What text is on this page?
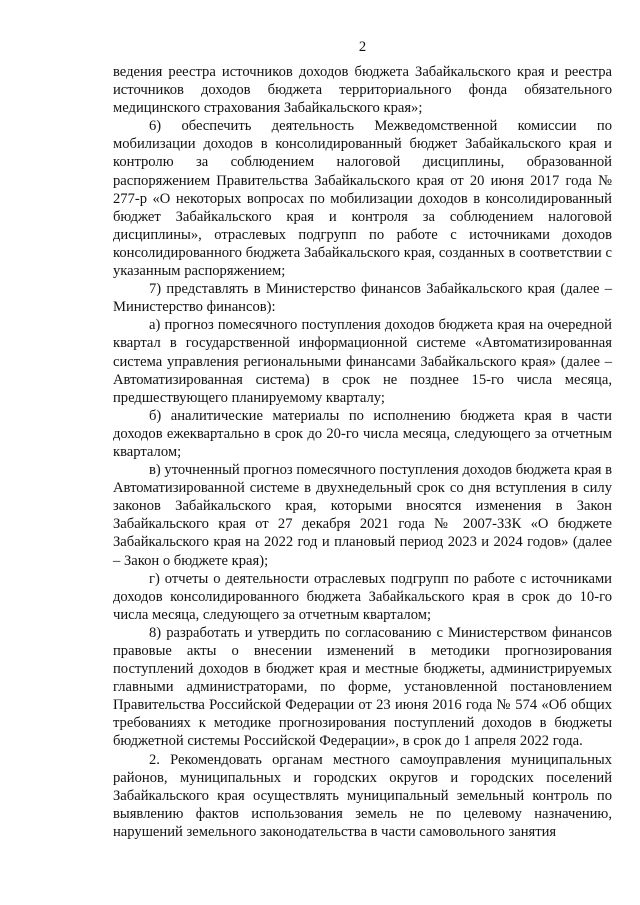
2

ведения реестра источников доходов бюджета Забайкальского края и реестра источников доходов бюджета территориального фонда обязательного медицинского страхования Забайкальского края»;

6) обеспечить деятельность Межведомственной комиссии по мобилизации доходов в консолидированный бюджет Забайкальского края и контролю за соблюдением налоговой дисциплины, образованной распоряжением Правительства Забайкальского края от 20 июня 2017 года № 277-р «О некоторых вопросах по мобилизации доходов в консолидированный бюджет Забайкальского края и контроля за соблюдением налоговой дисциплины», отраслевых подгрупп по работе с источниками доходов консолидированного бюджета Забайкальского края, созданных в соответствии с указанным распоряжением;

7) представлять в Министерство финансов Забайкальского края (далее – Министерство финансов):

а) прогноз помесячного поступления доходов бюджета края на очередной квартал в государственной информационной системе «Автоматизированная система управления региональными финансами Забайкальского края» (далее – Автоматизированная система) в срок не позднее 15-го числа месяца, предшествующего планируемому кварталу;

б) аналитические материалы по исполнению бюджета края в части доходов ежеквартально в срок до 20-го числа месяца, следующего за отчетным кварталом;

в) уточненный прогноз помесячного поступления доходов бюджета края в Автоматизированной системе в двухнедельный срок со дня вступления в силу законов Забайкальского края, которыми вносятся изменения в Закон Забайкальского края от 27 декабря 2021 года № 2007-ЗЗК «О бюджете Забайкальского края на 2022 год и плановый период 2023 и 2024 годов» (далее – Закон о бюджете края);

г) отчеты о деятельности отраслевых подгрупп по работе с источниками доходов консолидированного бюджета Забайкальского края в срок до 10-го числа месяца, следующего за отчетным кварталом;

8) разработать и утвердить по согласованию с Министерством финансов правовые акты о внесении изменений в методики прогнозирования поступлений доходов в бюджет края и местные бюджеты, администрируемых главными администраторами, по форме, установленной постановлением Правительства Российской Федерации от 23 июня 2016 года № 574 «Об общих требованиях к методике прогнозирования поступлений доходов в бюджеты бюджетной системы Российской Федерации», в срок до 1 апреля 2022 года.

2. Рекомендовать органам местного самоуправления муниципальных районов, муниципальных и городских округов и городских поселений Забайкальского края осуществлять муниципальный земельный контроль по выявлению фактов использования земель не по целевому назначению, нарушений земельного законодательства в части самовольного занятия
